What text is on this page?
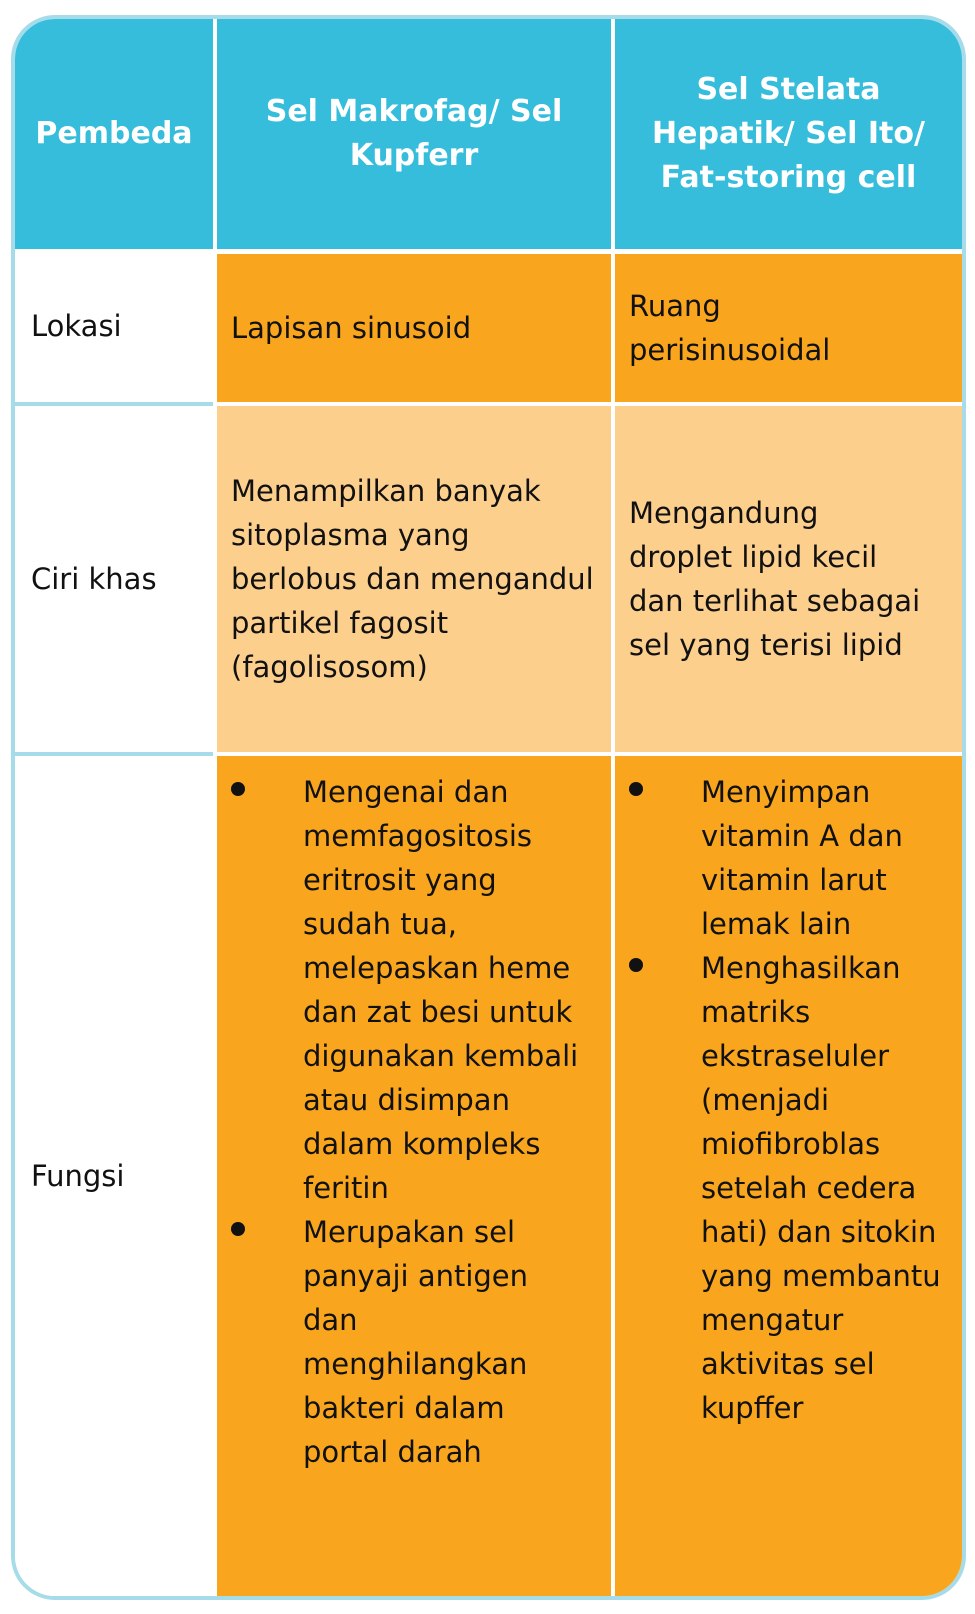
Pembeda
Sel Makrofag/ Sel Kupferr
Sel Stelata Hepatik/ Sel Ito/ Fat-storing cell
Lokasi	Lapisan sinusoid
Ruang perisinusoidal
Ciri khas
Menampilkan banyak sitoplasma yang berlobus dan mengandul partikel fagosit (fagolisosom)
Mengandung droplet lipid kecil dan terlihat sebagai sel yang terisi lipid
Fungsi
Mengenai dan memfagositosis eritrosit yang sudah tua, melepaskan heme dan zat besi untuk digunakan kembali atau disimpan dalam kompleks feritin
Merupakan sel panyaji antigen dan menghilangkan bakteri dalam portal darah
Menyimpan vitamin A dan vitamin larut lemak lain
Menghasilkan matriks ekstraseluler (menjadi miofibroblas setelah cedera hati) dan sitokin yang membantu mengatur aktivitas sel kupffer
